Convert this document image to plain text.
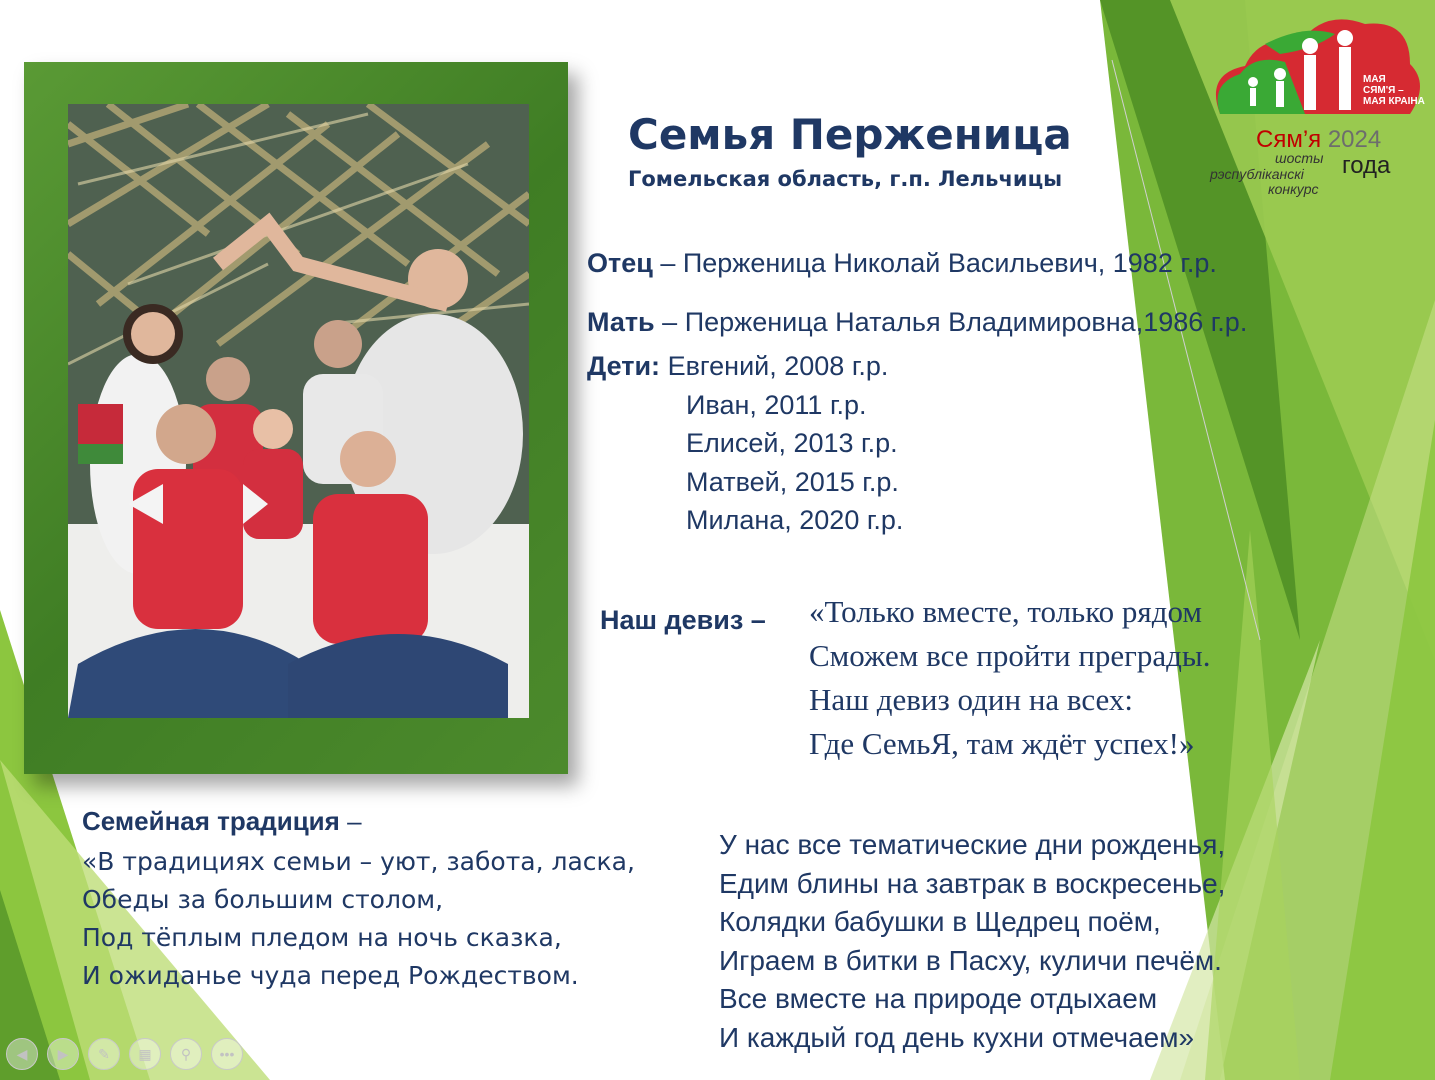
Семья Перженица

Гомельская область, г.п. Лельчицы

Отец – Перженица Николай Васильевич, 1982 г.р.
Мать – Перженица Наталья Владимировна,1986 г.р.
Дети: Евгений, 2008 г.р.
Иван, 2011 г.р.
Елисей, 2013 г.р.
Матвей, 2015 г.р.
Милана, 2020 г.р.
Наш девиз – «Только вместе, только рядом
Сможем все пройти преграды.
Наш девиз один на всех:
Где СемьЯ, там ждёт успех!»
Семейная традиция –
«В традициях семьи – уют, забота, ласка,
Обеды за большим столом,
Под тёплым пледом на ночь сказка,
И ожиданье чуда перед Рождеством.
У нас все тематические дни рожденья,
Едим блины на завтрак в воскресенье,
Колядки бабушки в Щедрец поём,
Играем в битки в Пасху, куличи печём.
Все вместе на природе отдыхаем
И каждый год день кухни отмечаем»
МАЯ
СЯМ'Я –
МАЯ КРАІНА
Сям’я 2024
шосты года
рэспубліканскі
конкурс
◀	▶	✎	▦	⚲	•••
